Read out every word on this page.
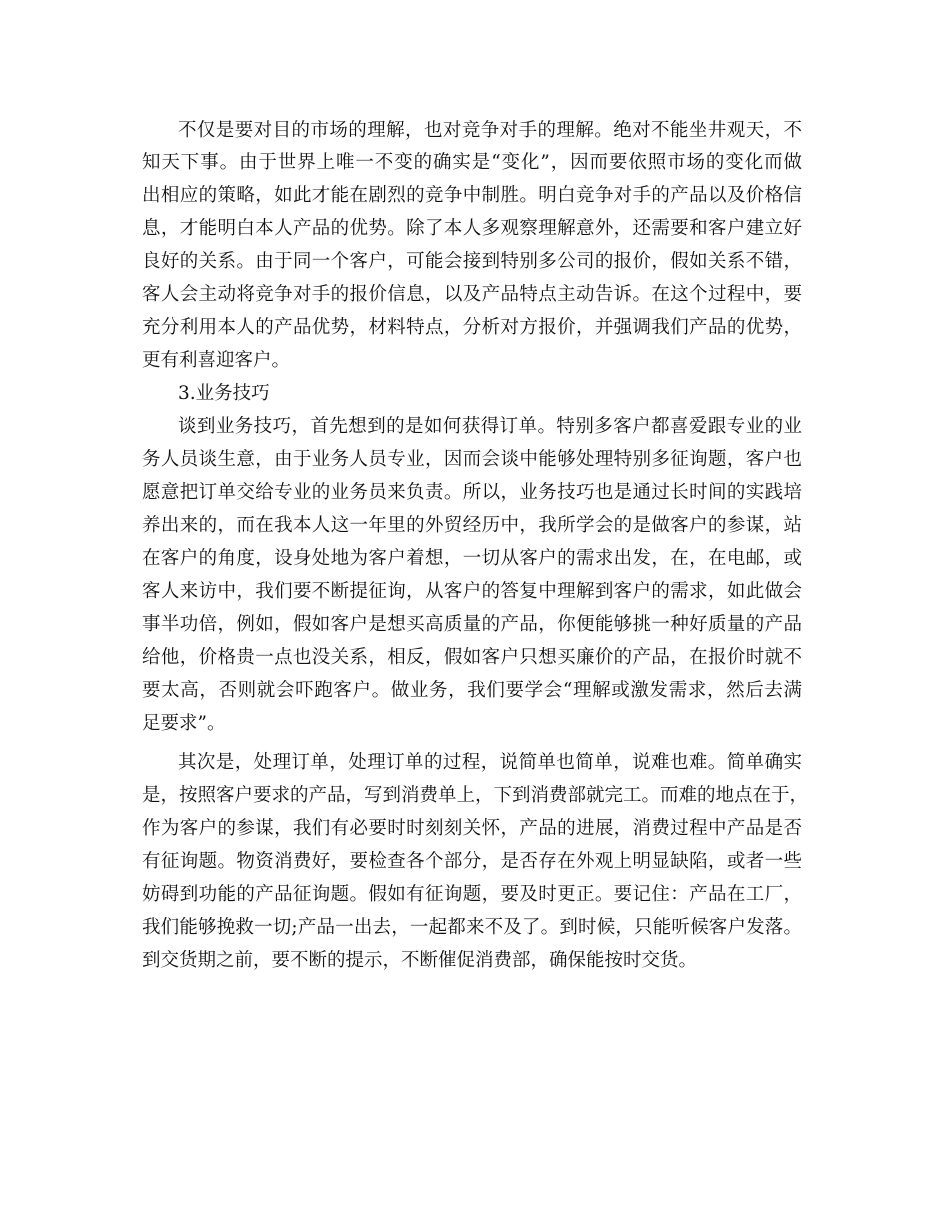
不仅是要对目的市场的理解，也对竞争对手的理解。绝对不能坐井观天，不
知天下事。由于世界上唯一不变的确实是“变化”，因而要依照市场的变化而做
出相应的策略，如此才能在剧烈的竞争中制胜。明白竞争对手的产品以及价格信
息，才能明白本人产品的优势。除了本人多观察理解意外，还需要和客户建立好
良好的关系。由于同一个客户，可能会接到特别多公司的报价，假如关系不错，
客人会主动将竞争对手的报价信息，以及产品特点主动告诉。在这个过程中，要
充分利用本人的产品优势，材料特点，分析对方报价，并强调我们产品的优势，
更有利喜迎客户。
3.业务技巧
谈到业务技巧，首先想到的是如何获得订单。特别多客户都喜爱跟专业的业
务人员谈生意，由于业务人员专业，因而会谈中能够处理特别多征询题，客户也
愿意把订单交给专业的业务员来负责。所以，业务技巧也是通过长时间的实践培
养出来的，而在我本人这一年里的外贸经历中，我所学会的是做客户的参谋，站
在客户的角度，设身处地为客户着想，一切从客户的需求出发，在，在电邮，或
客人来访中，我们要不断提征询，从客户的答复中理解到客户的需求，如此做会
事半功倍，例如，假如客户是想买高质量的产品，你便能够挑一种好质量的产品
给他，价格贵一点也没关系，相反，假如客户只想买廉价的产品，在报价时就不
要太高，否则就会吓跑客户。做业务，我们要学会“理解或激发需求，然后去满
足要求”。
其次是，处理订单，处理订单的过程，说简单也简单，说难也难。简单确实
是，按照客户要求的产品，写到消费单上，下到消费部就完工。而难的地点在于，
作为客户的参谋，我们有必要时时刻刻关怀，产品的进展，消费过程中产品是否
有征询题。物资消费好，要检查各个部分，是否存在外观上明显缺陷，或者一些
妨碍到功能的产品征询题。假如有征询题，要及时更正。要记住：产品在工厂，
我们能够挽救一切;产品一出去，一起都来不及了。到时候，只能听候客户发落。
到交货期之前，要不断的提示，不断催促消费部，确保能按时交货。
